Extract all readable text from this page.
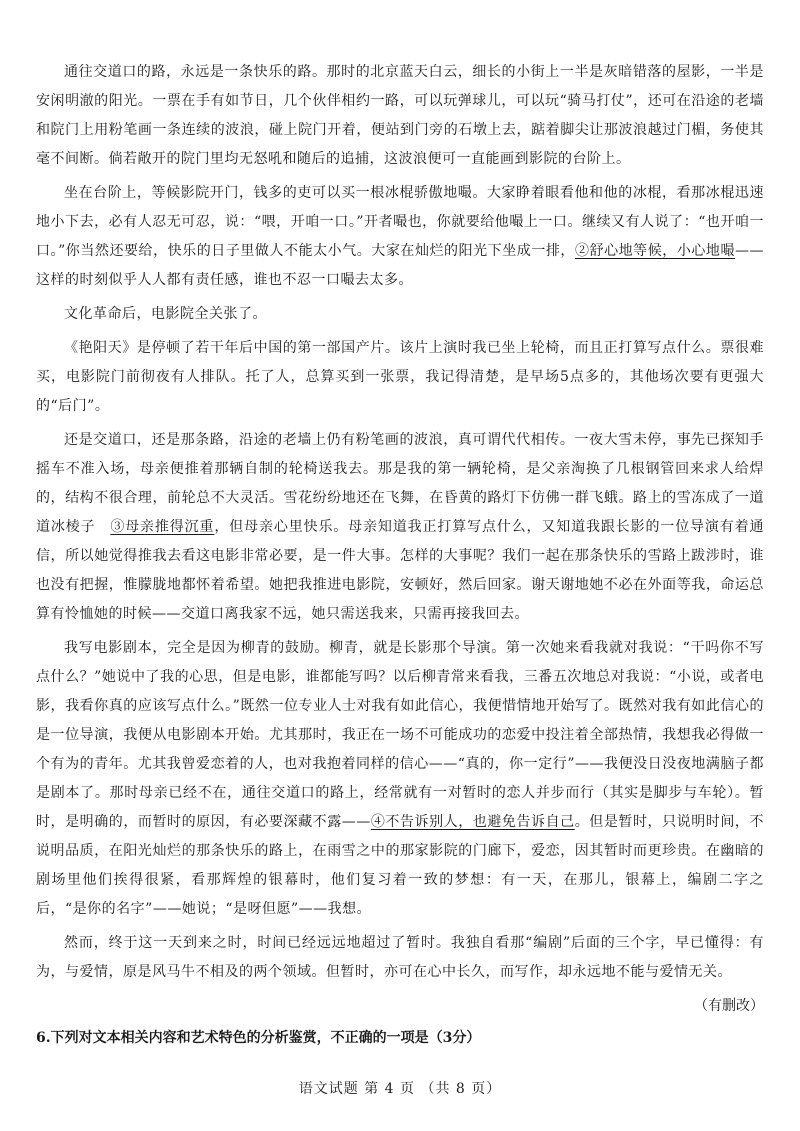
通往交道口的路，永远是一条快乐的路。那时的北京蓝天白云，细长的小街上一半是灰暗错落的屋影，一半是安闲明澈的阳光。一票在手有如节日，几个伙伴相约一路，可以玩弹球儿，可以玩“骑马打仗”，还可在沿途的老墙和院门上用粉笔画一条连续的波浪，碰上院门开着，便站到门旁的石墩上去，踮着脚尖让那波浪越过门楣，务使其毫不间断。倘若敞开的院门里均无怒吼和随后的追捕，这波浪便可一直能画到影院的台阶上。

坐在台阶上，等候影院开门，钱多的吏可以买一根冰棍骄傲地嘬。大家睁着眼看他和他的冰棍，看那冰棍迅速地小下去，必有人忍无可忍，说：“喂，开咱一口。”开者嘬也，你就要给他嘬上一口。继续又有人说了：“也开咱一口。”你当然还要给，快乐的日子里做人不能太小气。大家在灿烂的阳光下坐成一排，②舒心地等候，小心地嘬——这样的时刻似乎人人都有责任感，谁也不忍一口嘬去太多。

文化革命后，电影院全关张了。

《艳阳天》是停顿了若干年后中国的第一部国产片。该片上演时我已坐上轮椅，而且正打算写点什么。票很难买，电影院门前彻夜有人排队。托了人，总算买到一张票，我记得清楚，是早场5点多的，其他场次要有更强大的“后门”。

还是交道口，还是那条路，沿途的老墙上仍有粉笔画的波浪，真可谓代代相传。一夜大雪未停，事先已探知手摇车不准入场，母亲便推着那辆自制的轮椅送我去。那是我的第一辆轮椅，是父亲淘换了几根钢管回来求人给焊的，结构不很合理，前轮总不大灵活。雪花纷纷地还在飞舞，在昏黄的路灯下仿佛一群飞蛾。路上的雪冻成了一道道冰棱子　③母亲推得沉重，但母亲心里快乐。母亲知道我正打算写点什么，又知道我跟长影的一位导演有着通信，所以她觉得推我去看这电影非常必要，是一件大事。怎样的大事呢？我们一起在那条快乐的雪路上跋涉时，谁也没有把握，惟朦胧地都怀着希望。她把我推进电影院，安顿好，然后回家。谢天谢地她不必在外面等我，命运总算有怜恤她的时候——交道口离我家不远，她只需送我来，只需再接我回去。

我写电影剧本，完全是因为柳青的鼓励。柳青，就是长影那个导演。第一次她来看我就对我说：“干吗你不写点什么？”她说中了我的心思，但是电影，谁都能写吗？以后柳青常来看我，三番五次地总对我说：“小说，或者电影，我看你真的应该写点什么。”既然一位专业人士对我有如此信心，我便惜情地开始写了。既然对我有如此信心的是一位导演，我便从电影剧本开始。尤其那时，我正在一场不可能成功的恋爱中投注着全部热情，我想我必得做一个有为的青年。尤其我曾爱恋着的人，也对我抱着同样的信心——“真的，你一定行”——我便没日没夜地满脑子都是剧本了。那时母亲已经不在，通往交道口的路上，经常就有一对暂时的恋人并步而行（其实是脚步与车轮）。暂时，是明确的，而暂时的原因，有必要深藏不露——④不告诉别人，也避免告诉自己。但是暂时，只说明时间，不说明品质，在阳光灿烂的那条快乐的路上，在雨雪之中的那家影院的门廊下，爱恋，因其暂时而更珍贵。在幽暗的剧场里他们挨得很紧，看那辉煌的银幕时，他们复习着一致的梦想：有一天，在那儿，银幕上，编剧二字之后，“是你的名字”——她说；“是呀但愿”——我想。

然而，终于这一天到来之时，时间已经远远地超过了暂时。我独自看那“编剧”后面的三个字，早已懂得：有为，与爱情，原是风马牛不相及的两个领域。但暂时，亦可在心中长久，而写作，却永远地不能与爱情无关。

（有删改）

6.下列对文本相关内容和艺术特色的分析鉴赏，不正确的一项是（3分）

语文试题 第 4 页 （共 8 页）
